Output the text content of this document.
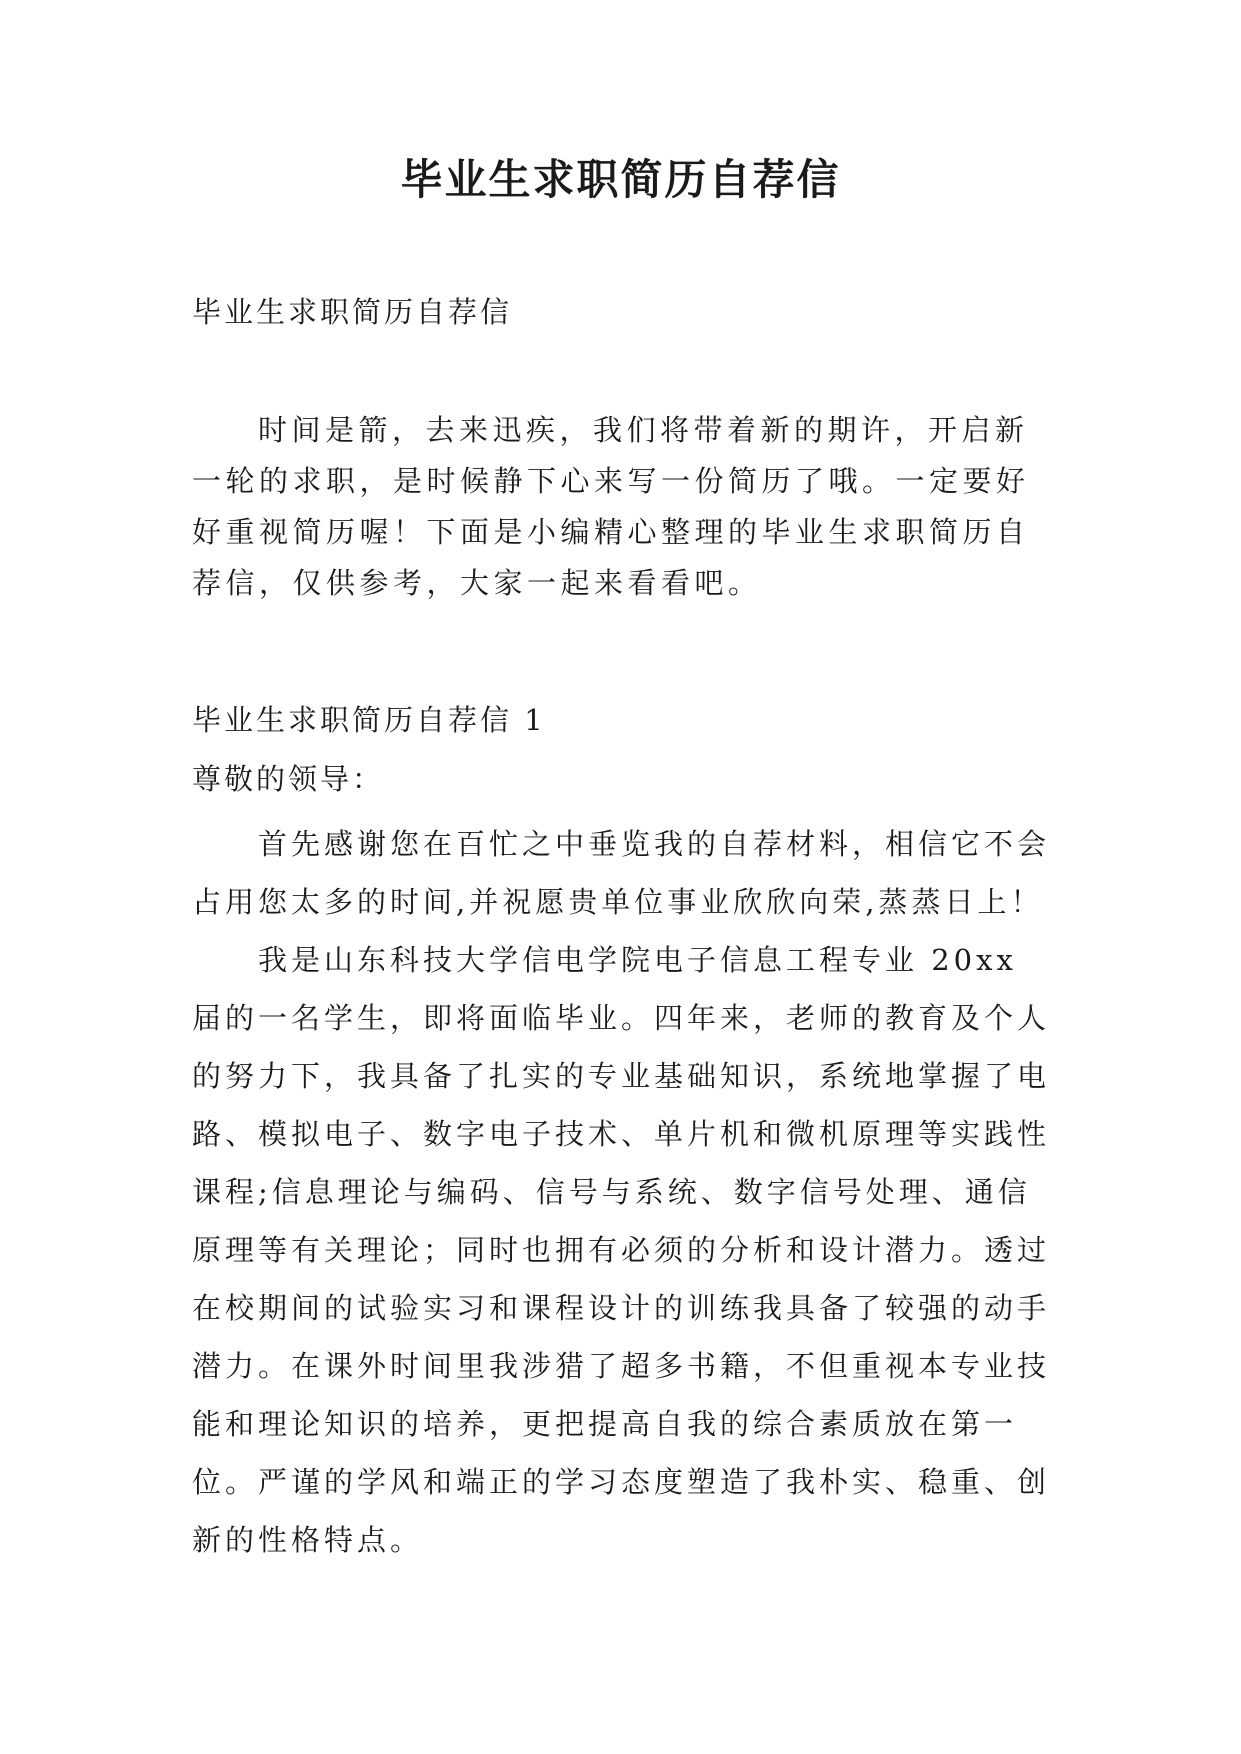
毕业生求职简历自荐信

毕业生求职简历自荐信

时间是箭，去来迅疾，我们将带着新的期许，开启新一轮的求职，是时候静下心来写一份简历了哦。一定要好好重视简历喔！下面是小编精心整理的毕业生求职简历自荐信，仅供参考，大家一起来看看吧。

毕业生求职简历自荐信 1

尊敬的领导：

首先感谢您在百忙之中垂览我的自荐材料，相信它不会占用您太多的时间,并祝愿贵单位事业欣欣向荣,蒸蒸日上！

我是山东科技大学信电学院电子信息工程专业 20xx 届的一名学生，即将面临毕业。四年来，老师的教育及个人的努力下，我具备了扎实的专业基础知识，系统地掌握了电路、模拟电子、数字电子技术、单片机和微机原理等实践性课程;信息理论与编码、信号与系统、数字信号处理、通信原理等有关理论；同时也拥有必须的分析和设计潜力。透过在校期间的试验实习和课程设计的训练我具备了较强的动手潜力。在课外时间里我涉猎了超多书籍，不但重视本专业技能和理论知识的培养，更把提高自我的综合素质放在第一位。严谨的学风和端正的学习态度塑造了我朴实、稳重、创新的性格特点。
